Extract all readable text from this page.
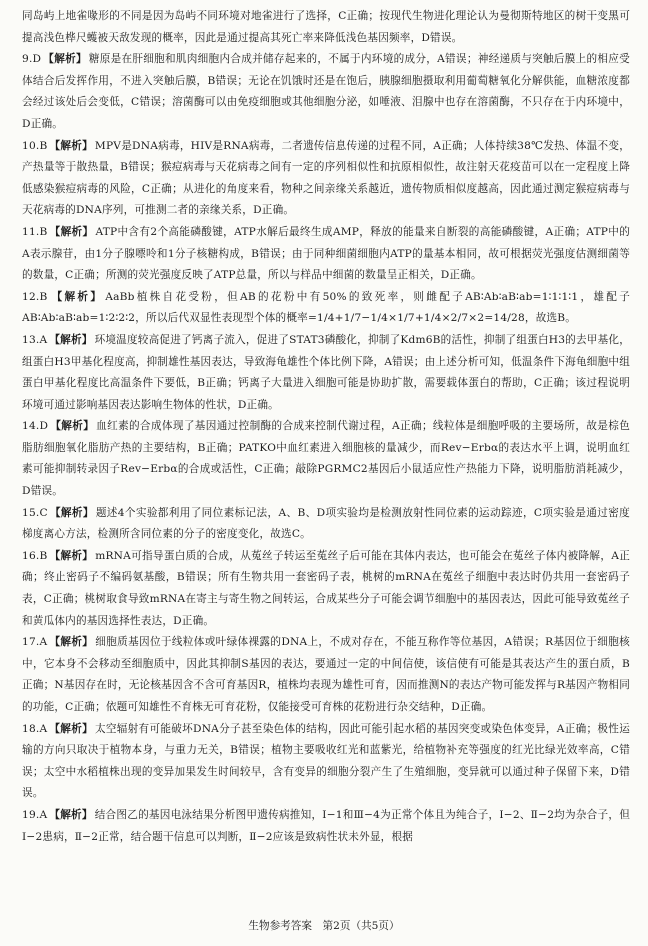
同岛屿上地雀喙形的不同是因为岛屿不同环境对地雀进行了选择，C正确；按现代生物进化理论认为曼彻斯特地区的树干变黑可提高浅色桦尺蠖被天敌发现的概率，因此是通过提高其死亡率来降低浅色基因频率，D错误。
9.D 【解析】 糖原是在肝细胞和肌肉细胞内合成并储存起来的，不属于内环境的成分，A错误；神经递质与突触后膜上的相应受体结合后发挥作用，不进入突触后膜，B错误；无论在饥饿时还是在饱后，胰腺细胞摄取利用葡萄糖氧化分解供能，血糖浓度都会经过该处后会变低，C错误；溶菌酶可以由免疫细胞或其他细胞分泌，如唾液、泪腺中也存在溶菌酶，不只存在于内环境中，D正确。
10.B 【解析】 MPV是DNA病毒，HIV是RNA病毒，二者遗传信息传递的过程不同，A正确；人体持续38℃发热、体温不变，产热量等于散热量，B错误；猴痘病毒与天花病毒之间有一定的序列相似性和抗原相似性，故注射天花疫苗可以在一定程度上降低感染猴痘病毒的风险，C正确；从进化的角度来看，物种之间亲缘关系越近，遗传物质相似度越高，因此通过测定猴痘病毒与天花病毒的DNA序列，可推测二者的亲缘关系，D正确。
11.B 【解析】 ATP中含有2个高能磷酸键，ATP水解后最终生成AMP，释放的能量来自断裂的高能磷酸键，A正确；ATP中的A表示腺苷，由1分子腺嘌呤和1分子核糖构成，B错误；由于同种细菌细胞内ATP的量基本相同，故可根据荧光强度估测细菌等的数量，C正确；所测的荧光强度反映了ATP总量，所以与样品中细菌的数量呈正相关，D正确。
12.B 【解析】 AaBb植株自花受粉，但AB的花粉中有50%的致死率，则雌配子AB∶Ab∶aB∶ab=1∶1∶1∶1，雄配子AB∶Ab∶aB∶ab=1∶2∶2∶2，所以后代双显性表现型个体的概率=1/4+1/7−1/4×1/7+1/4×2/7×2=14/28，故选B。
13.A 【解析】 环境温度较高促进了钙离子流入，促进了STAT3磷酸化，抑制了Kdm6B的活性，抑制了组蛋白H3的去甲基化，组蛋白H3甲基化程度高，抑制雄性基因表达，导致海龟雄性个体比例下降，A错误；由上述分析可知，低温条件下海龟细胞中组蛋白甲基化程度比高温条件下要低，B正确；钙离子大量进入细胞可能是协助扩散，需要载体蛋白的帮助，C正确；该过程说明环境可通过影响基因表达影响生物体的性状，D正确。
14.D 【解析】 血红素的合成体现了基因通过控制酶的合成来控制代谢过程，A正确；线粒体是细胞呼吸的主要场所，故是棕色脂肪细胞氧化脂肪产热的主要结构，B正确；PATKO中血红素进入细胞核的量减少，而Rev−Erbα的表达水平上调，说明血红素可能抑制转录因子Rev−Erbα的合成或活性，C正确；敲除PGRMC2基因后小鼠适应性产热能力下降，说明脂肪消耗减少，D错误。
15.C 【解析】 题述4个实验都利用了同位素标记法，A、B、D项实验均是检测放射性同位素的运动踪迹，C项实验是通过密度梯度离心方法，检测所含同位素的分子的密度变化，故选C。
16.B 【解析】 mRNA可指导蛋白质的合成，从菟丝子转运至菟丝子后可能在其体内表达，也可能会在菟丝子体内被降解，A正确；终止密码子不编码氨基酸，B错误；所有生物共用一套密码子表，桃树的mRNA在菟丝子细胞中表达时仍共用一套密码子表，C正确；桃树取食导致mRNA在寄主与寄生物之间转运，合成某些分子可能会调节细胞中的基因表达，因此可能导致菟丝子和黄瓜体内的基因选择性表达，D正确。
17.A 【解析】 细胞质基因位于线粒体或叶绿体裸露的DNA上，不成对存在，不能互称作等位基因，A错误；R基因位于细胞核中，它本身不会移动至细胞质中，因此其抑制S基因的表达，要通过一定的中间信使，该信使有可能是其表达产生的蛋白质，B正确；N基因存在时，无论核基因含不含可育基因R，植株均表现为雄性可育，因而推测N的表达产物可能发挥与R基因产物相同的功能，C正确；依题可知雄性不育株无可育花粉，仅能接受可育株的花粉进行杂交结种，D正确。
18.A 【解析】 太空辐射有可能破坏DNA分子甚至染色体的结构，因此可能引起水稻的基因突变或染色体变异，A正确；极性运输的方向只取决于植物本身，与重力无关，B错误；植物主要吸收红光和蓝紫光，给植物补充等强度的红光比绿光效率高，C错误；太空中水稻植株出现的变异加果发生时间较早，含有变异的细胞分裂产生了生殖细胞，变异就可以通过种子保留下来，D错误。
19.A 【解析】 结合图乙的基因电泳结果分析图甲遗传病推知，Ⅰ−1和Ⅲ−4为正常个体且为纯合子，Ⅰ−2、Ⅱ−2均为杂合子，但Ⅰ−2患病，Ⅱ−2正常，结合题干信息可以判断，Ⅱ−2应该是致病性状未外显，根据
生物参考答案　第2页（共5页）
